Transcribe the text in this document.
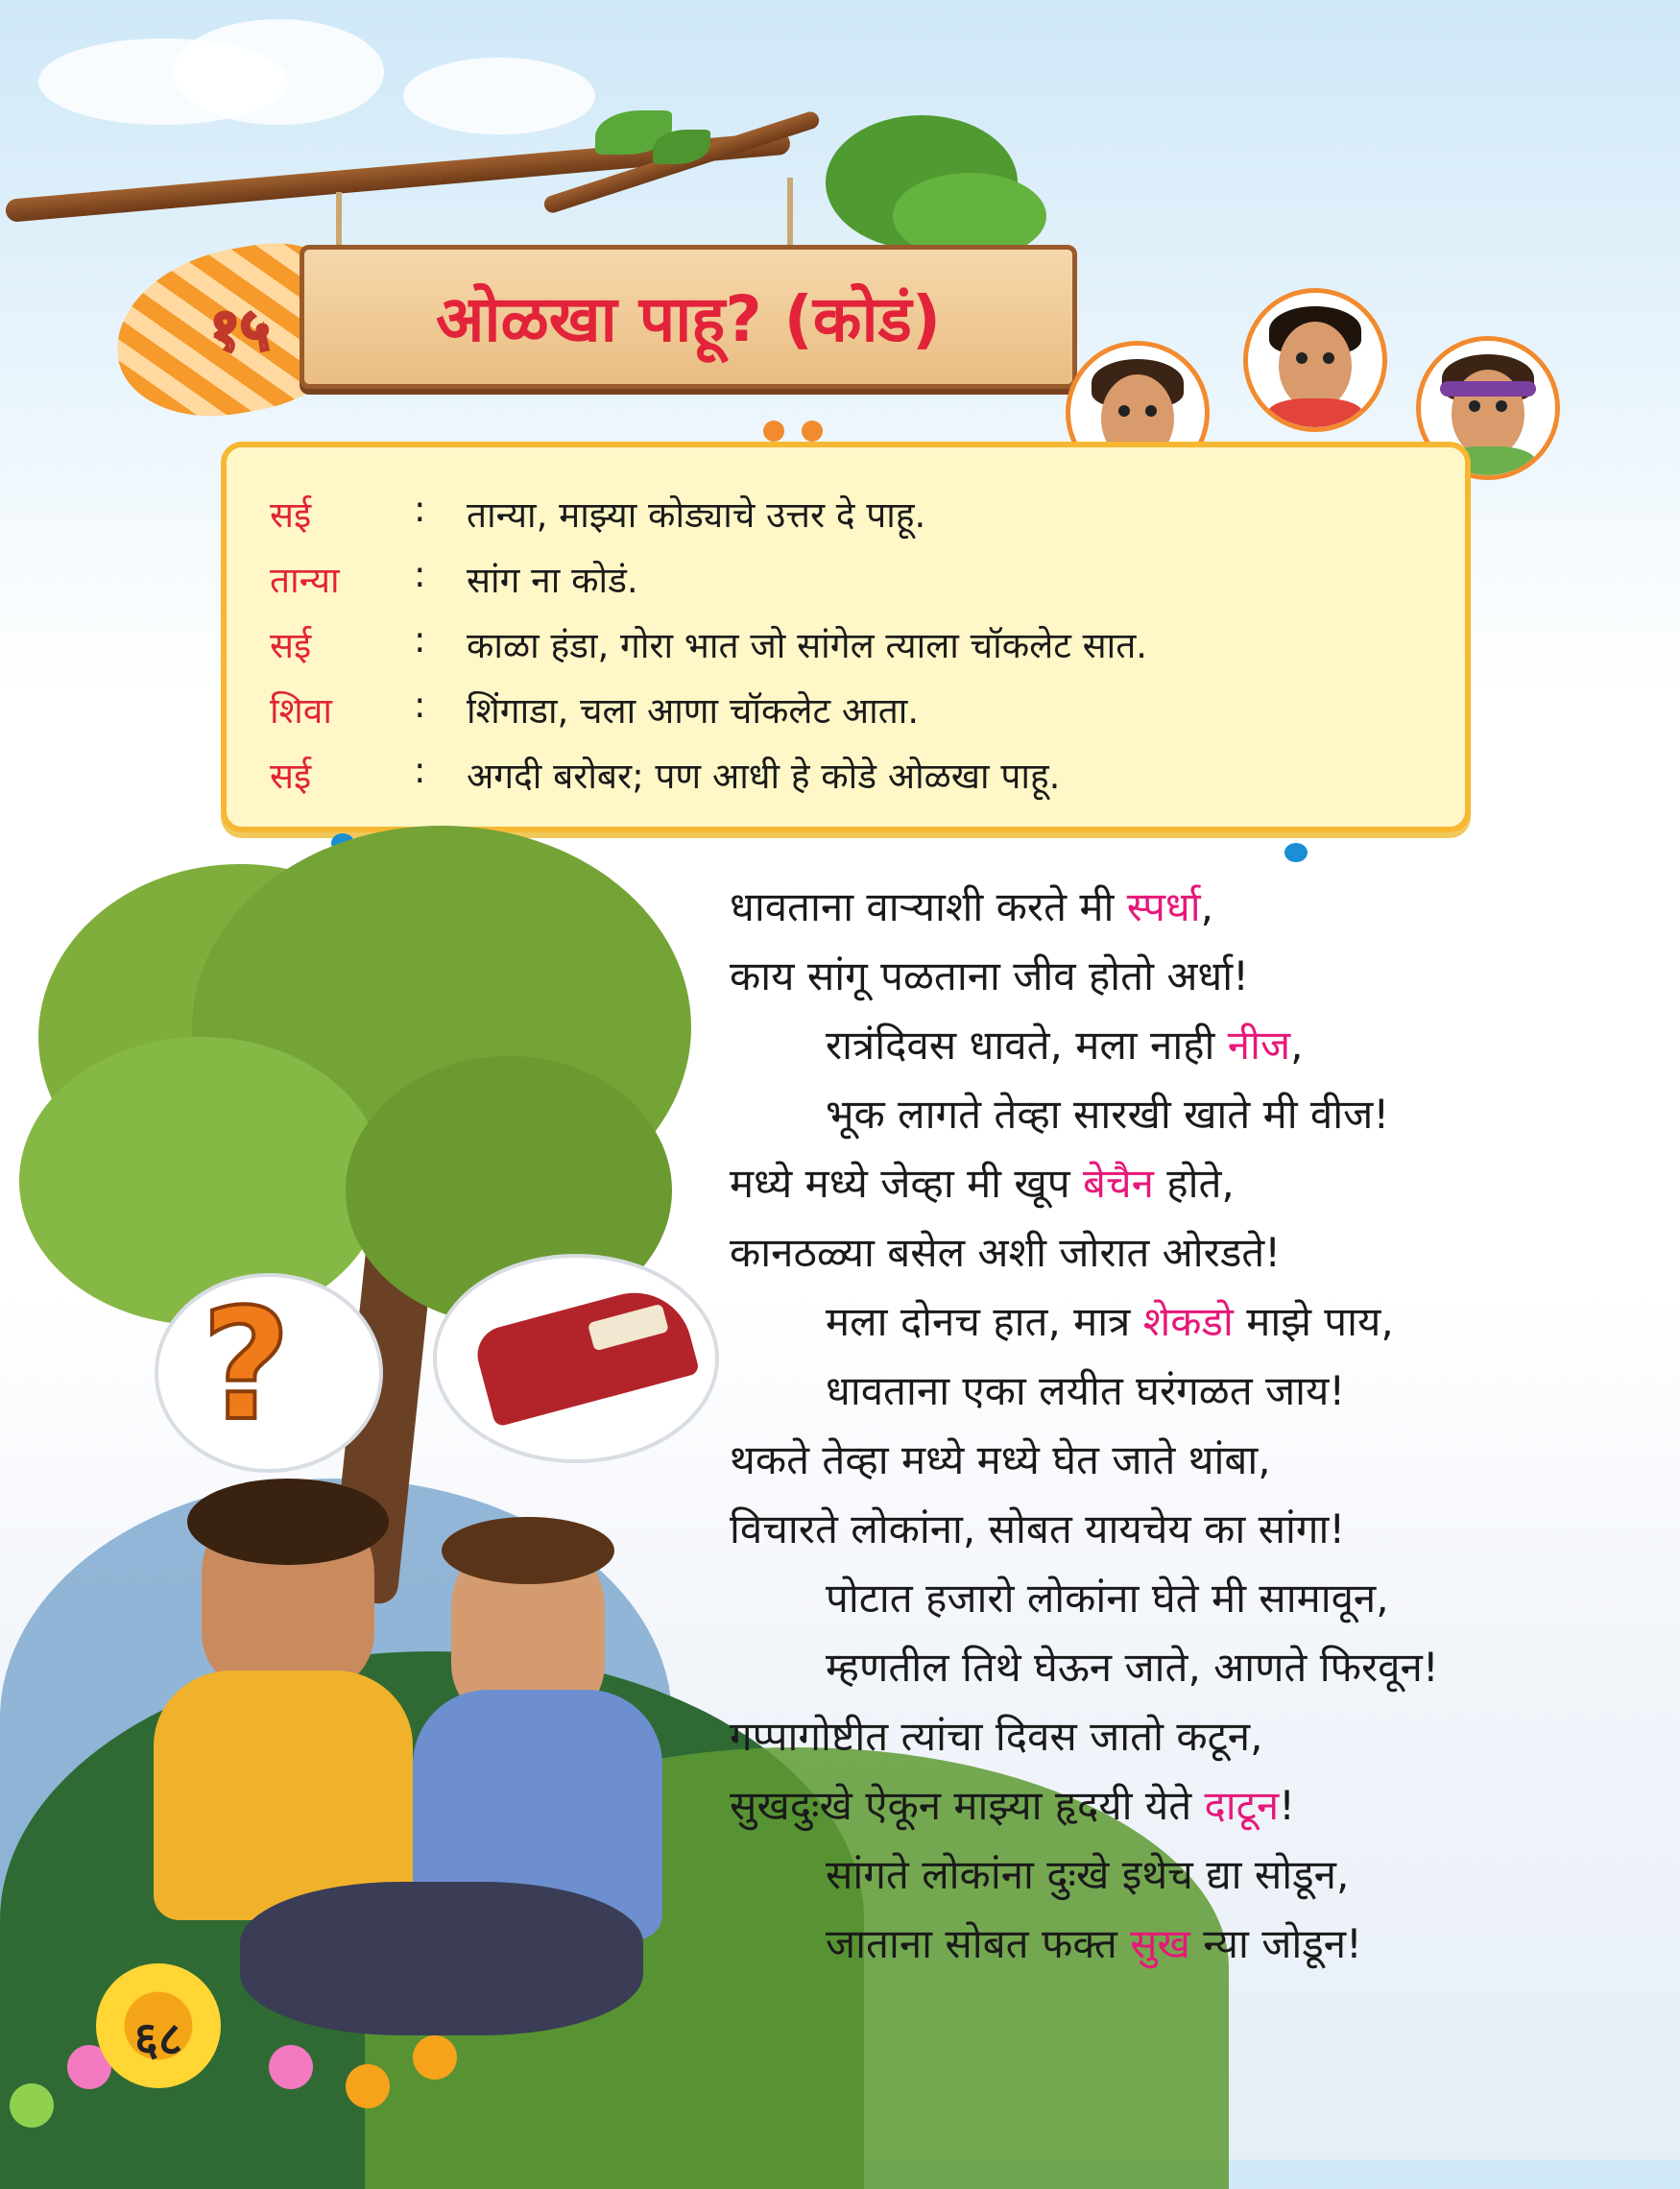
१५	ओळखा पाहू? (कोडं)
सई	:	तान्या, माझ्या कोड्याचे उत्तर दे पाहू.
तान्या	:	सांग ना कोडं.
सई	:	काळा हंडा, गोरा भात जो सांगेल त्याला चॉकलेट सात.
शिवा	:	शिंगाडा, चला आणा चॉकलेट आता.
सई	:	अगदी बरोबर; पण आधी हे कोडे ओळखा पाहू.
?
६८
धावताना वाऱ्याशी करते मी स्पर्धा,
काय सांगू पळताना जीव होतो अर्धा!
रात्रंदिवस धावते, मला नाही नीज,
भूक लागते तेव्हा सारखी खाते मी वीज!
मध्ये मध्ये जेव्हा मी खूप बेचैन होते,
कानठळ्या बसेल अशी जोरात ओरडते!
मला दोनच हात, मात्र शेकडो माझे पाय,
धावताना एका लयीत घरंगळत जाय!
थकते तेव्हा मध्ये मध्ये घेत जाते थांबा,
विचारते लोकांना, सोबत यायचेय का सांगा!
पोटात हजारो लोकांना घेते मी सामावून,
म्हणतील तिथे घेऊन जाते, आणते फिरवून!
गप्पागोष्टीत त्यांचा दिवस जातो कटून,
सुखदुःखे ऐकून माझ्या हृदयी येते दाटून!
सांगते लोकांना दुःखे इथेच द्या सोडून,
जाताना सोबत फक्त सुख न्या जोडून!
